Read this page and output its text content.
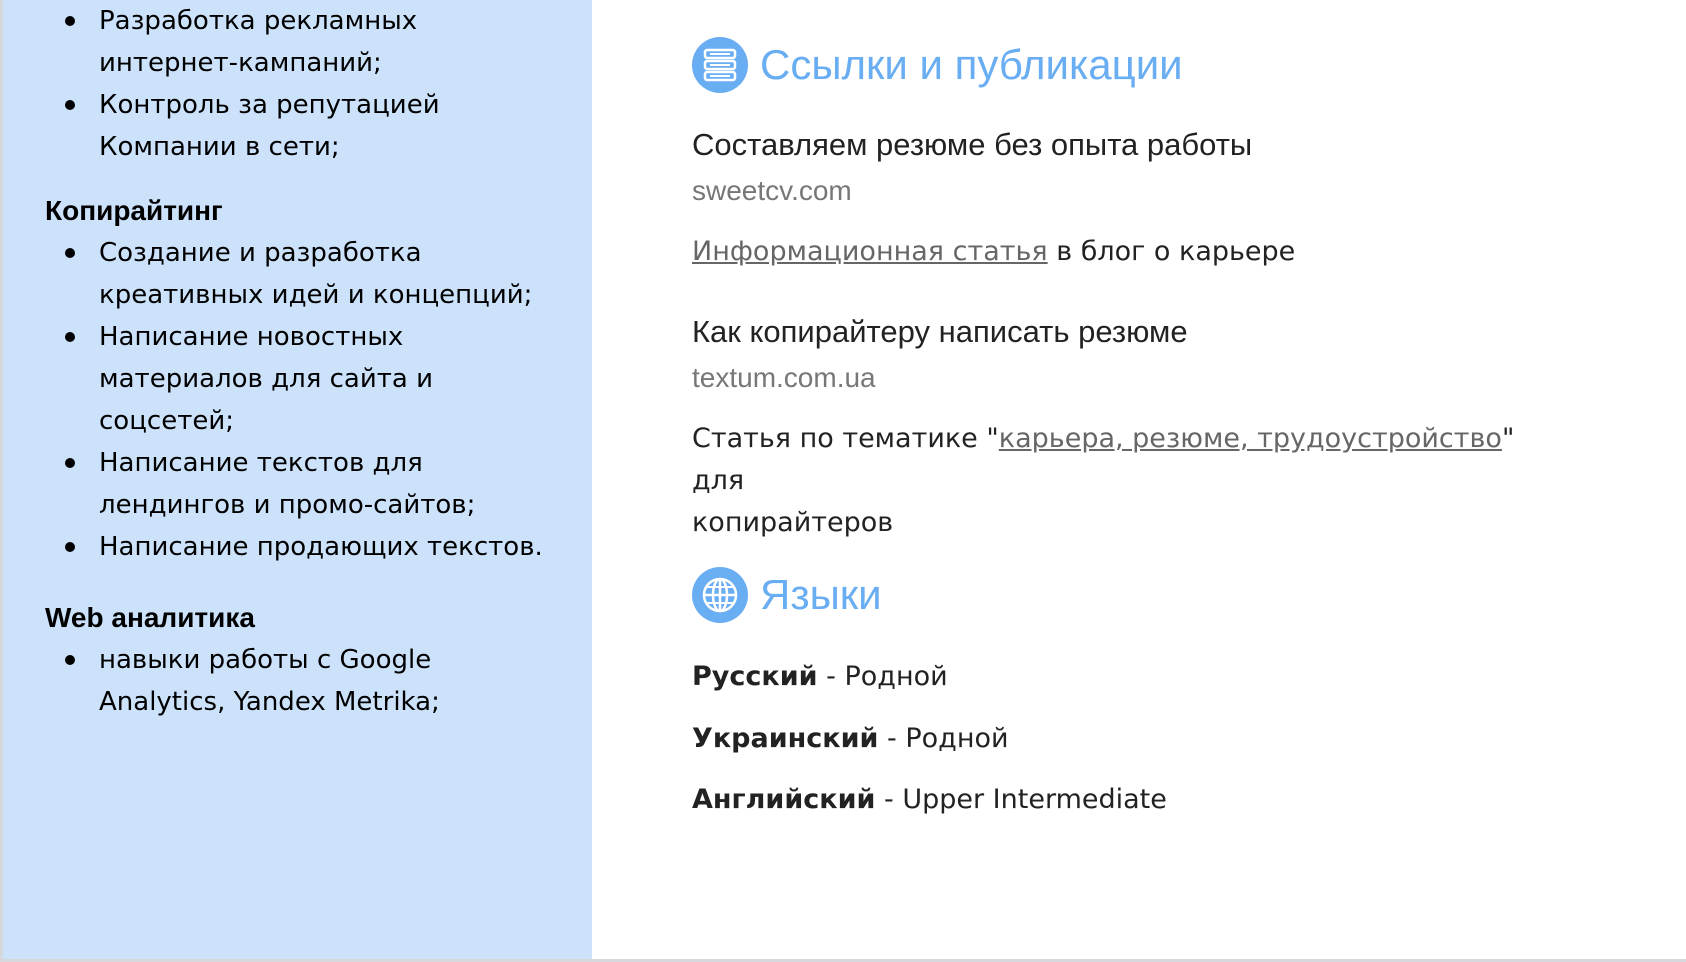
Разработка рекламных
интернет-кампаний;
Контроль за репутацией
Компании в сети;
Копирайтинг
Создание и разработка
креативных идей и концепций;
Написание новостных
материалов для сайта и
соцсетей;
Написание текстов для
лендингов и промо-сайтов;
Написание продающих текстов.
Web аналитика
навыки работы с Google
Analytics, Yandex Metrika;
Ссылки и публикации
Составляем резюме без опыта работы
sweetcv.com
Информационная статья в блог о карьере
Как копирайтеру написать резюме
textum.com.ua
Статья по тематике "карьера, резюме, трудоустройство" для
копирайтеров
Языки
Русский - Родной
Украинский - Родной
Английский - Upper Intermediate
